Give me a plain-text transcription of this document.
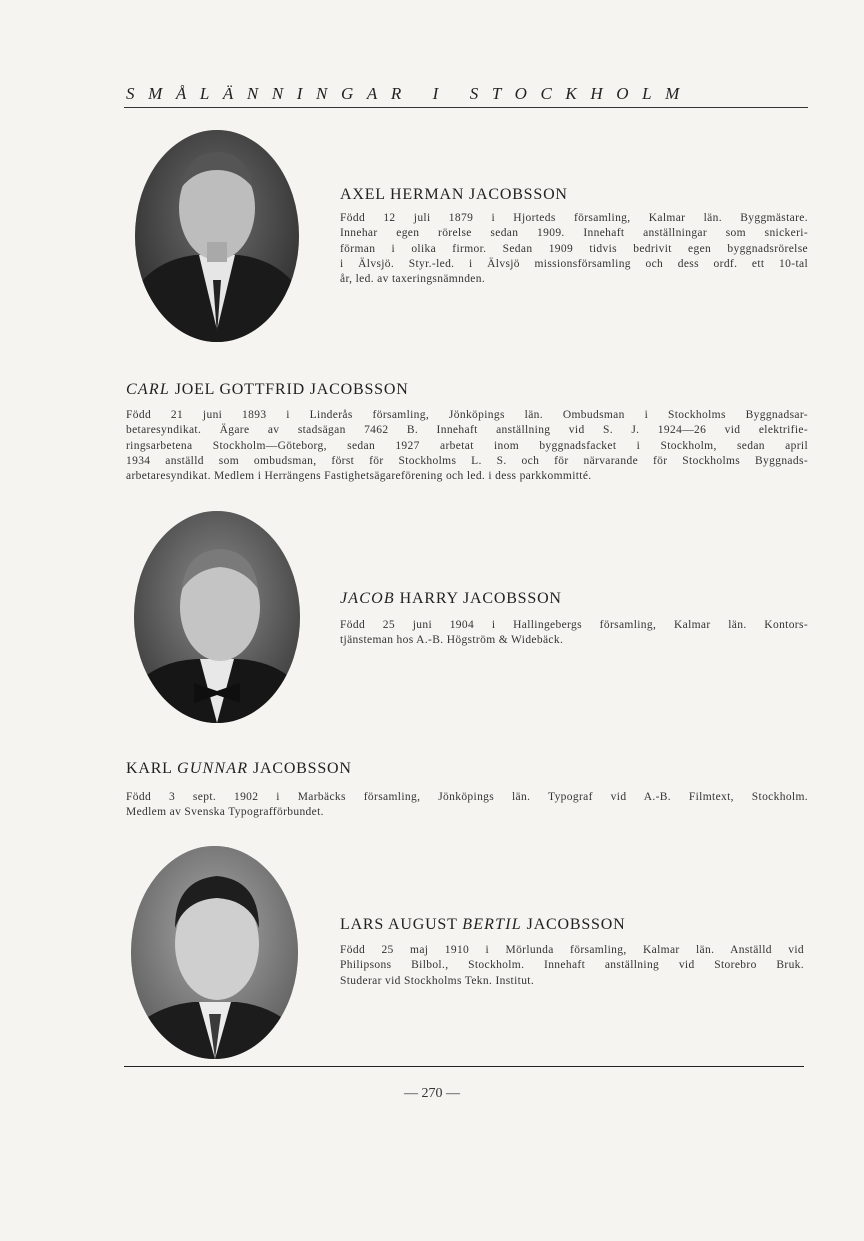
SMÅLÄNNINGAR I STOCKHOLM
AXEL HERMAN JACOBSSON
Född 12 juli 1879 i Hjorteds församling, Kalmar län. Byggmästare.
Innehar egen rörelse sedan 1909. Innehaft anställningar som snickeri-
förman i olika firmor. Sedan 1909 tidvis bedrivit egen byggnadsrörelse
i Älvsjö. Styr.-led. i Älvsjö missionsförsamling och dess ordf. ett 10-tal
år, led. av taxeringsnämnden.
CARL JOEL GOTTFRID JACOBSSON
Född 21 juni 1893 i Linderås församling, Jönköpings län. Ombudsman i Stockholms Byggnadsar-
betaresyndikat. Ägare av stadsägan 7462 B. Innehaft anställning vid S. J. 1924—26 vid elektrifie-
ringsarbetena Stockholm—Göteborg, sedan 1927 arbetat inom byggnadsfacket i Stockholm, sedan april
1934 anställd som ombudsman, först för Stockholms L. S. och för närvarande för Stockholms Byggnads-
arbetaresyndikat. Medlem i Herrängens Fastighetsägareförening och led. i dess parkkommitté.
JACOB HARRY JACOBSSON
Född 25 juni 1904 i Hallingebergs församling, Kalmar län. Kontors-
tjänsteman hos A.-B. Högström & Widebäck.
KARL GUNNAR JACOBSSON
Född 3 sept. 1902 i Marbäcks församling, Jönköpings län. Typograf vid A.-B. Filmtext, Stockholm.
Medlem av Svenska Typografförbundet.
LARS AUGUST BERTIL JACOBSSON
Född 25 maj 1910 i Mörlunda församling, Kalmar län. Anställd vid
Philipsons Bilbol., Stockholm. Innehaft anställning vid Storebro Bruk.
Studerar vid Stockholms Tekn. Institut.
— 270 —
